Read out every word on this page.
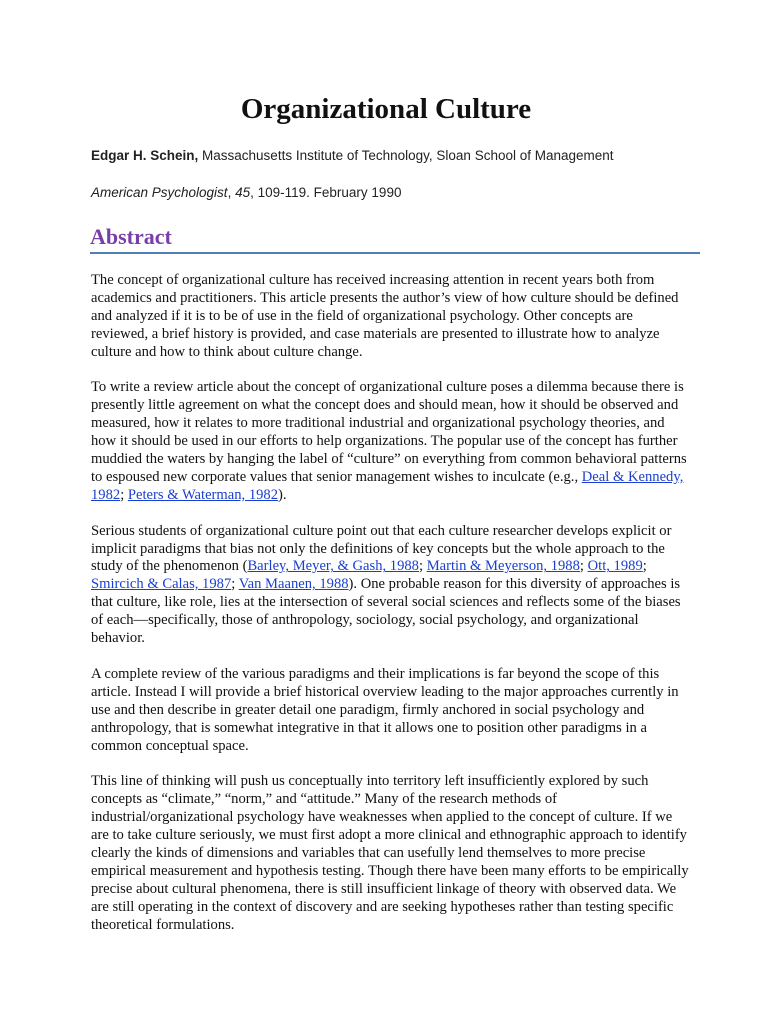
Organizational Culture
Edgar H. Schein, Massachusetts Institute of Technology, Sloan School of Management
American Psychologist, 45, 109-119. February 1990
Abstract

The concept of organizational culture has received increasing attention in recent years both from academics and practitioners. This article presents the author’s view of how culture should be defined and analyzed if it is to be of use in the field of organizational psychology. Other concepts are reviewed, a brief history is provided, and case materials are presented to illustrate how to analyze culture and how to think about culture change.

To write a review article about the concept of organizational culture poses a dilemma because there is presently little agreement on what the concept does and should mean, how it should be observed and measured, how it relates to more traditional industrial and organizational psychology theories, and how it should be used in our efforts to help organizations. The popular use of the concept has further muddied the waters by hanging the label of “culture” on everything from common behavioral patterns to espoused new corporate values that senior management wishes to inculcate (e.g., Deal & Kennedy, 1982; Peters & Waterman, 1982).

Serious students of organizational culture point out that each culture researcher develops explicit or implicit paradigms that bias not only the definitions of key concepts but the whole approach to the study of the phenomenon (Barley, Meyer, & Gash, 1988; Martin & Meyerson, 1988; Ott, 1989; Smircich & Calas, 1987; Van Maanen, 1988). One probable reason for this diversity of approaches is that culture, like role, lies at the intersection of several social sciences and reflects some of the biases of each—specifically, those of anthropology, sociology, social psychology, and organizational behavior.

A complete review of the various paradigms and their implications is far beyond the scope of this article. Instead I will provide a brief historical overview leading to the major approaches currently in use and then describe in greater detail one paradigm, firmly anchored in social psychology and anthropology, that is somewhat integrative in that it allows one to position other paradigms in a common conceptual space.

This line of thinking will push us conceptually into territory left insufficiently explored by such concepts as “climate,” “norm,” and “attitude.” Many of the research methods of industrial/organizational psychology have weaknesses when applied to the concept of culture. If we are to take culture seriously, we must first adopt a more clinical and ethnographic approach to identify clearly the kinds of dimensions and variables that can usefully lend themselves to more precise empirical measurement and hypothesis testing. Though there have been many efforts to be empirically precise about cultural phenomena, there is still insufficient linkage of theory with observed data. We are still operating in the context of discovery and are seeking hypotheses rather than testing specific theoretical formulations.
